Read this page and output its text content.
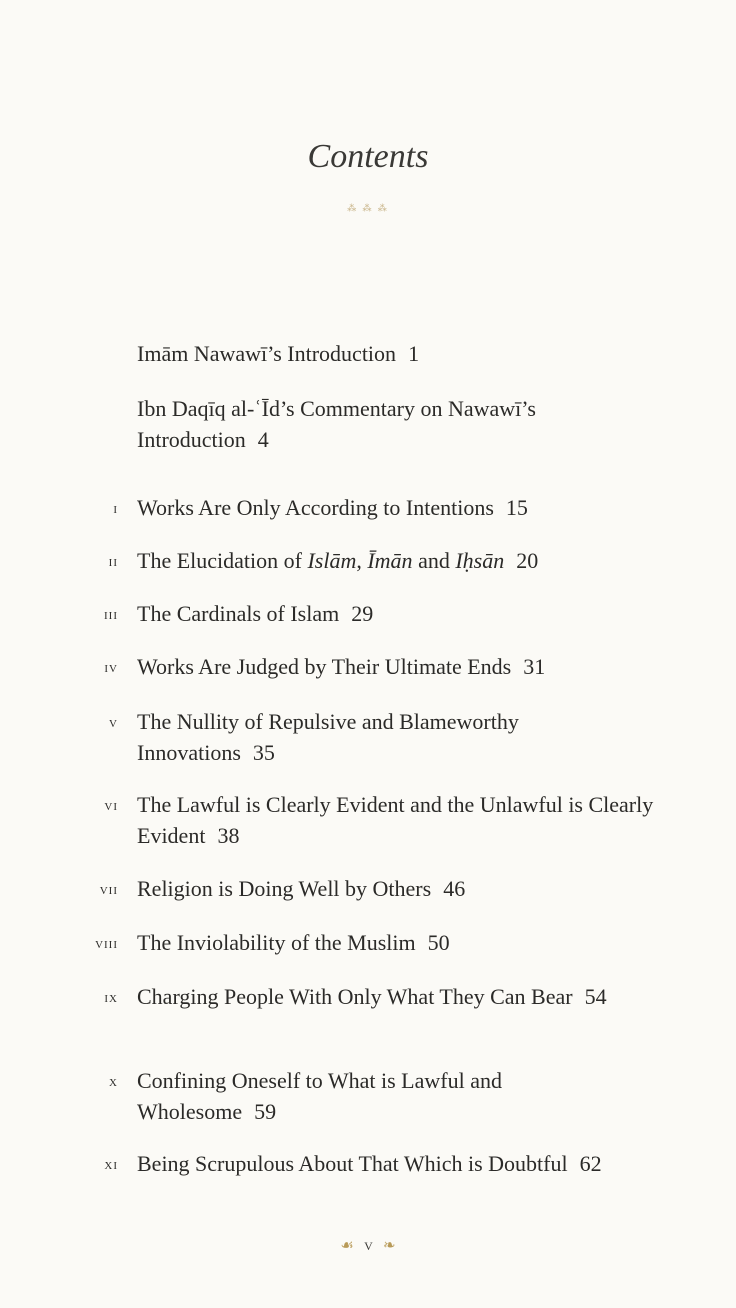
Contents
⁂ ⁂ ⁂
Imām Nawawī’s Introduction 1
Ibn Daqīq al-ʿĪd’s Commentary on Nawawī’s Introduction 4
i Works Are Only According to Intentions 15
ii The Elucidation of Islām, Īmān and Iḥsān 20
iii The Cardinals of Islam 29
iv Works Are Judged by Their Ultimate Ends 31
v The Nullity of Repulsive and Blameworthy Innovations 35
vi The Lawful is Clearly Evident and the Unlawful is Clearly Evident 38
vii Religion is Doing Well by Others 46
viii The Inviolability of the Muslim 50
ix Charging People With Only What They Can Bear 54
x Confining Oneself to What is Lawful and Wholesome 59
xi Being Scrupulous About That Which is Doubtful 62
☙ v ❧
